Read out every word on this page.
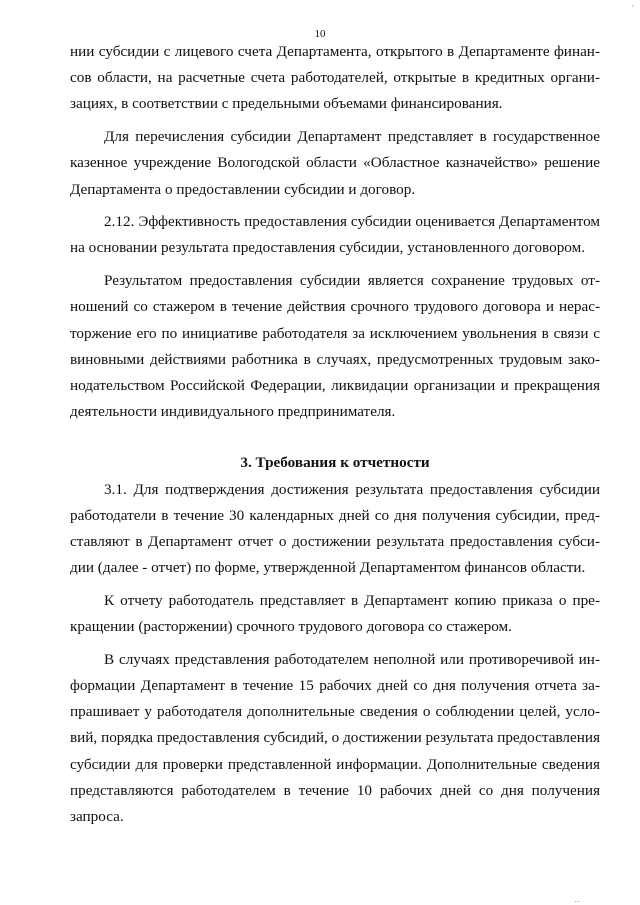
‚
10

нии субсидии с лицевого счета Департамента, открытого в Департаменте финансов области, на расчетные счета работодателей, открытые в кредитных организациях, в соответствии с предельными объемами финансирования.

Для перечисления субсидии Департамент представляет в государственное казенное учреждение Вологодской области «Областное казначейство» решение Департамента о предоставлении субсидии и договор.

2.12. Эффективность предоставления субсидии оценивается Департаментом на основании результата предоставления субсидии, установленного договором.

Результатом предоставления субсидии является сохранение трудовых отношений со стажером в течение действия срочного трудового договора и нерасторжение его по инициативе работодателя за исключением увольнения в связи с виновными действиями работника в случаях, предусмотренных трудовым законодательством Российской Федерации, ликвидации организации и прекращения деятельности индивидуального предпринимателя.

3. Требования к отчетности

3.1. Для подтверждения достижения результата предоставления субсидии работодатели в течение 30 календарных дней со дня получения субсидии, представляют в Департамент отчет о достижении результата предоставления субсидии (далее - отчет) по форме, утвержденной Департаментом финансов области.

К отчету работодатель представляет в Департамент копию приказа о прекращении (расторжении) срочного трудового договора со стажером.

В случаях представления работодателем неполной или противоречивой информации Департамент в течение 15 рабочих дней со дня получения отчета запрашивает у работодателя дополнительные сведения о соблюдении целей, условий, порядка предоставления субсидий, о достижении результата предоставления субсидии для проверки представленной информации. Дополнительные сведения представляются работодателем в течение 10 рабочих дней со дня получения запроса.

...
